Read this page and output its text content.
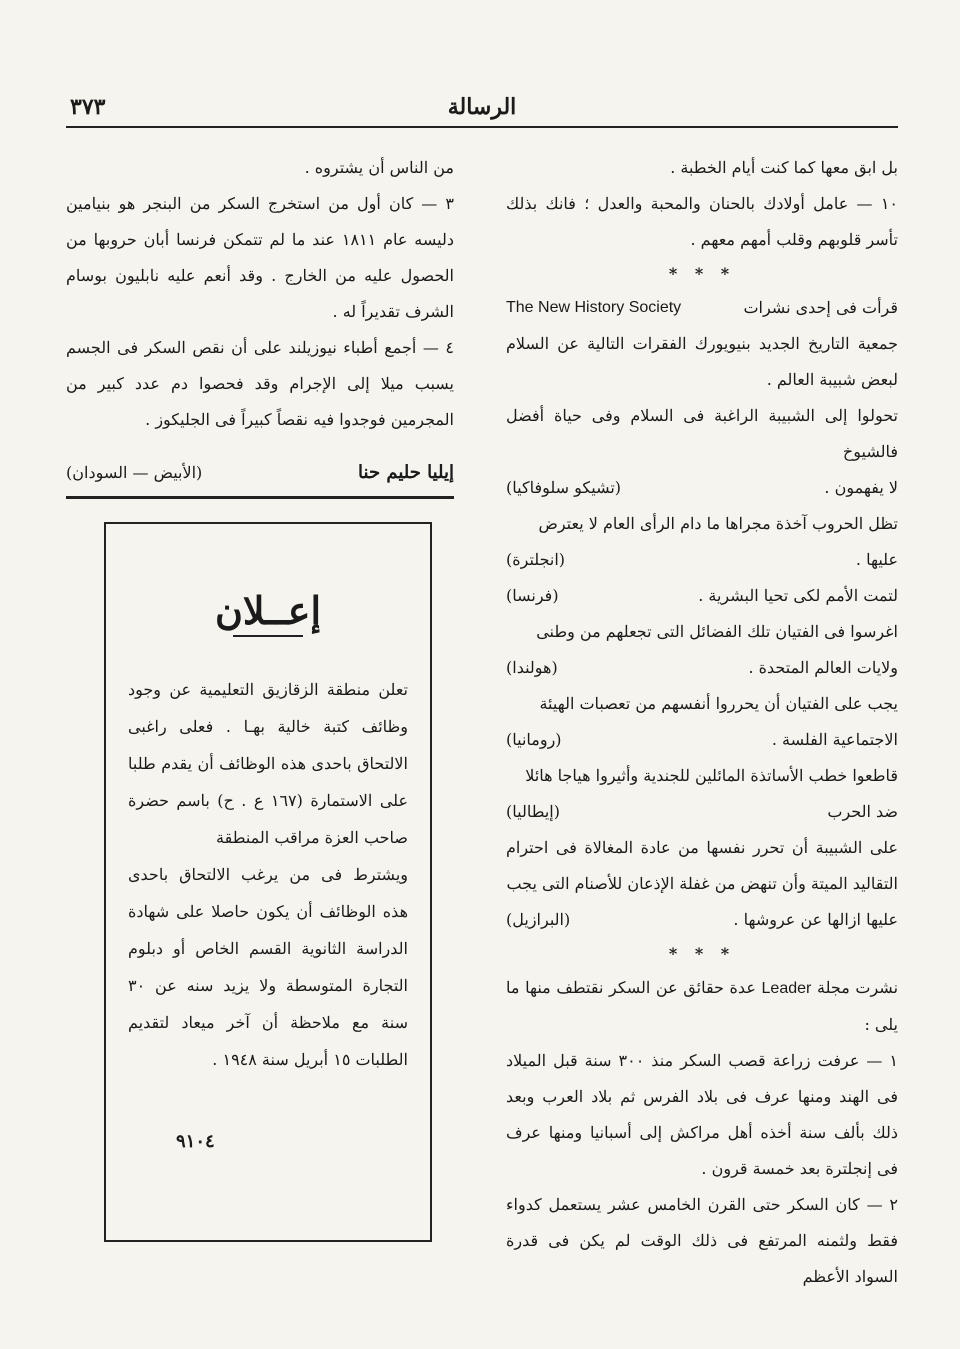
الرسالة
٣٧٣

بل ابق معها كما كنت أيام الخطبة .

١٠ — عامل أولادك بالحنان والمحبة والعدل ؛ فانك بذلك تأسر قلوبهم وقلب أمهم معهم .

* * *
قرأت فى إحدى نشرات
The New History Society

جمعية التاريخ الجديد بنيويورك الفقرات التالية عن السلام لبعض شبيبة العالم .

تحولوا إلى الشبيبة الراغبة فى السلام وفى حياة أفضل فالشيوخ

لا يفهمون .
(تشيكو سلوفاكيا)

تظل الحروب آخذة مجراها ما دام الرأى العام لا يعترض

عليها .
(انجلترة)
لتمت الأمم لكى تحيا البشرية .
(فرنسا)

اغرسوا فى الفتيان تلك الفضائل التى تجعلهم من وطنى

ولايات العالم المتحدة .
(هولندا)

يجب على الفتيان أن يحرروا أنفسهم من تعصبات الهيئة

الاجتماعية الفلسة .
(رومانيا)

قاطعوا خطب الأساتذة المائلين للجندية وأثيروا هياجا هائلا

ضد الحرب
(إيطاليا)

على الشبيبة أن تحرر نفسها من عادة المغالاة فى احترام التقاليد الميتة وأن تنهض من غفلة الإذعان للأصنام التى يجب

عليها ازالها عن عروشها .
(البرازيل)
* * *

نشرت مجلة Leader عدة حقائق عن السكر نقتطف منها ما يلى :

١ — عرفت زراعة قصب السكر منذ ٣٠٠ سنة قبل الميلاد فى الهند ومنها عرف فى بلاد الفرس ثم بلاد العرب وبعد ذلك بألف سنة أخذه أهل مراكش إلى أسبانيا ومنها عرف فى إنجلترة بعد خمسة قرون .

٢ — كان السكر حتى القرن الخامس عشر يستعمل كدواء فقط ولثمنه المرتفع فى ذلك الوقت لم يكن فى قدرة السواد الأعظم

من الناس أن يشتروه .

٣ — كان أول من استخرج السكر من البنجر هو بنيامين دليسه عام ١٨١١ عند ما لم تتمكن فرنسا أبان حروبها من الحصول عليه من الخارج . وقد أنعم عليه نابليون بوسام الشرف تقديراً له .

٤ — أجمع أطباء نيوزيلند على أن نقص السكر فى الجسم يسبب ميلا إلى الإجرام وقد فحصوا دم عدد كبير من المجرمين فوجدوا فيه نقصاً كبيراً فى الجليكوز .

إيليا حليم حنا
(الأبيض — السودان)
إعــلان

تعلن منطقة الزقازيق التعليمية عن وجود وظائف كتبة خالية بهـا . فعلى راغبى الالتحاق باحدى هذه الوظائف أن يقدم طلبا على الاستمارة (١٦٧ ع . ح) باسم حضرة صاحب العزة مراقب المنطقة

ويشترط فى من يرغب الالتحاق باحدى هذه الوظائف أن يكون حاصلا على شهادة الدراسة الثانوية القسم الخاص أو دبلوم التجارة المتوسطة ولا يزيد سنه عن ٣٠ سنة مع ملاحظة أن آخر ميعاد لتقديم الطلبات ١٥ أبريل سنة ١٩٤٨ .

٩١٠٤
